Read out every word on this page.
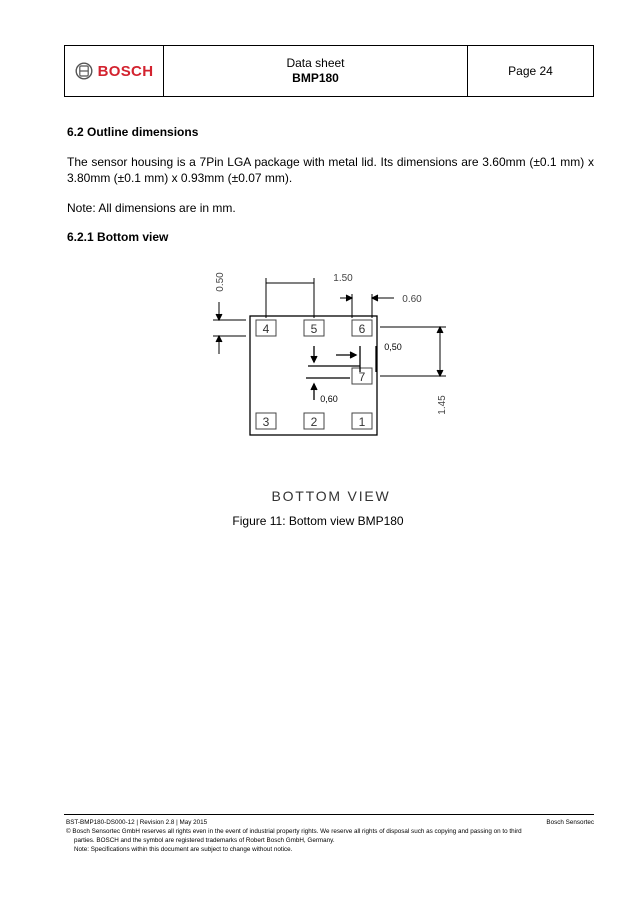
BOSCH	Data sheet
BMP180	Page 24
6.2 Outline dimensions
The sensor housing is a 7Pin LGA package with metal lid. Its dimensions are 3.60mm (±0.1 mm) x 3.80mm (±0.1 mm) x 0.93mm (±0.07 mm).
Note: All dimensions are in mm.
6.2.1 Bottom view
4	5	6
7
3	2	1
0.50	1.50
0.60
0,50
0,60	1.45
BOTTOM VIEW
Figure 11: Bottom view BMP180
BST-BMP180-DS000-12 | Revision 2.8 | May 2015	Bosch Sensortec
© Bosch Sensortec GmbH reserves all rights even in the event of industrial property rights. We reserve all rights of disposal such as copying and passing on to third
parties. BOSCH and the symbol are registered trademarks of Robert Bosch GmbH, Germany.
Note: Specifications within this document are subject to change without notice.
